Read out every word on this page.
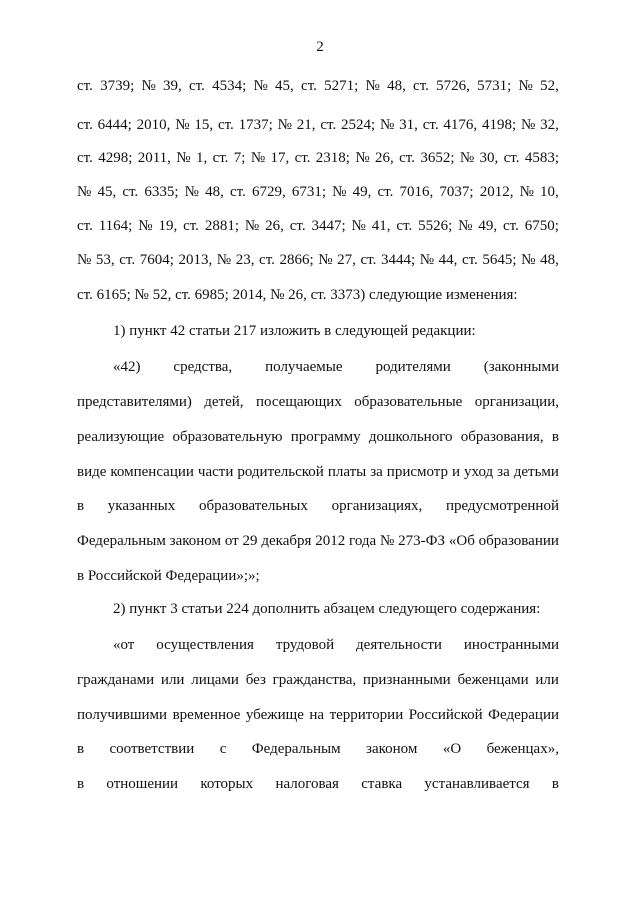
2
ст. 3739; № 39, ст. 4534; № 45, ст. 5271; № 48, ст. 5726, 5731; № 52,
ст. 6444; 2010, № 15, ст. 1737; № 21, ст. 2524; № 31, ст. 4176, 4198; № 32,
ст. 4298; 2011, № 1, ст. 7; № 17, ст. 2318; № 26, ст. 3652; № 30, ст. 4583;
№ 45, ст. 6335; № 48, ст. 6729, 6731; № 49, ст. 7016, 7037; 2012, № 10,
ст. 1164; № 19, ст. 2881; № 26, ст. 3447; № 41, ст. 5526; № 49, ст. 6750;
№ 53, ст. 7604; 2013, № 23, ст. 2866; № 27, ст. 3444; № 44, ст. 5645; № 48,
ст. 6165; № 52, ст. 6985; 2014, № 26, ст. 3373) следующие изменения:
1) пункт 42 статьи 217 изложить в следующей редакции:
«42) средства, получаемые родителями (законными
представителями) детей, посещающих образовательные организации,
реализующие образовательную программу дошкольного образования, в
виде компенсации части родительской платы за присмотр и уход за детьми
в указанных образовательных организациях, предусмотренной
Федеральным законом от 29 декабря 2012 года № 273-ФЗ «Об образовании
в Российской Федерации»;»;
2) пункт 3 статьи 224 дополнить абзацем следующего содержания:
«от осуществления трудовой деятельности иностранными
гражданами или лицами без гражданства, признанными беженцами или
получившими временное убежище на территории Российской Федерации
в соответствии с Федеральным законом «О беженцах»,
в отношении которых налоговая ставка устанавливается в
